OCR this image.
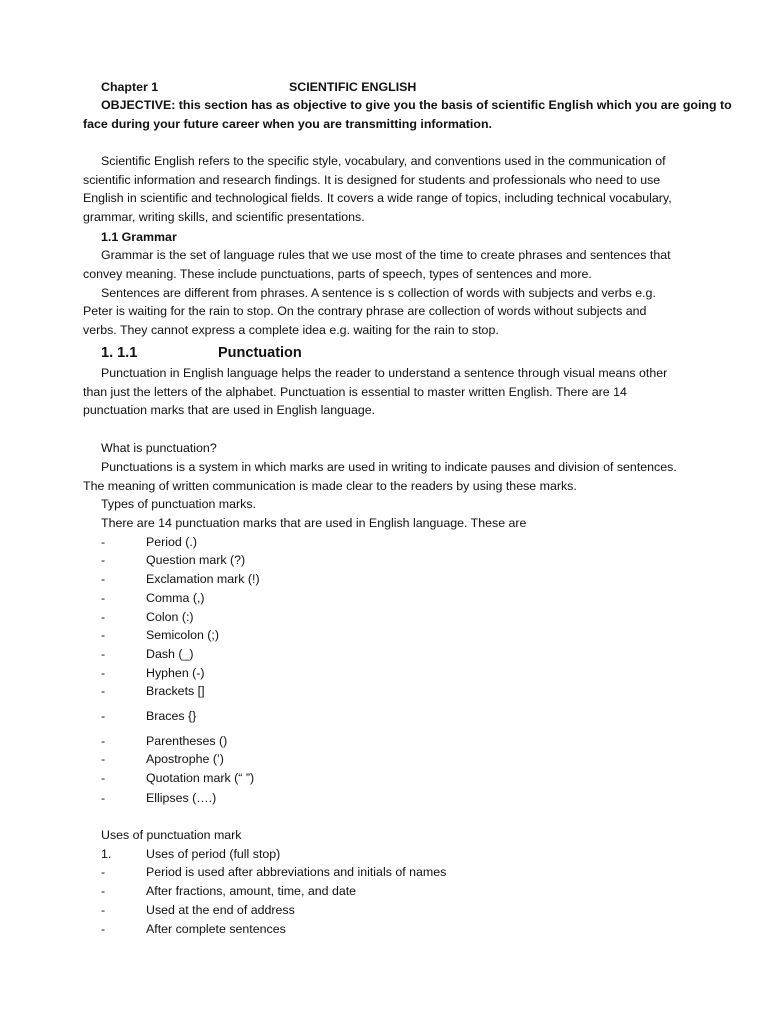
Chapter 1	SCIENTIFIC ENGLISH
OBJECTIVE: this section has as objective to give you the basis of scientific English which you are going to
face during your future career when you are transmitting information.
Scientific English refers to the specific style, vocabulary, and conventions used in the communication of
scientific information and research findings. It is designed for students and professionals who need to use
English in scientific and technological fields. It covers a wide range of topics, including technical vocabulary,
grammar, writing skills, and scientific presentations.
1.1 Grammar
Grammar is the set of language rules that we use most of the time to create phrases and sentences that
convey meaning. These include punctuations, parts of speech, types of sentences and more.
Sentences are different from phrases. A sentence is s collection of words with subjects and verbs e.g.
Peter is waiting for the rain to stop. On the contrary phrase are collection of words without subjects and
verbs. They cannot express a complete idea e.g. waiting for the rain to stop.
1. 1.1	Punctuation
Punctuation in English language helps the reader to understand a sentence through visual means other
than just the letters of the alphabet. Punctuation is essential to master written English. There are 14
punctuation marks that are used in English language.
What is punctuation?
Punctuations is a system in which marks are used in writing to indicate pauses and division of sentences.
The meaning of written communication is made clear to the readers by using these marks.
Types of punctuation marks.
There are 14 punctuation marks that are used in English language. These are
-	Period (.)
-	Question mark (?)
-	Exclamation mark (!)
-	Comma (,)
-	Colon (:)
-	Semicolon (;)
-	Dash (_)
-	Hyphen (-)
-	Brackets []
-	Braces {}
-	Parentheses ()
-	Apostrophe (’)
-	Quotation mark (“ ”)
-	Ellipses (….)
Uses of punctuation mark
1.	Uses of period (full stop)
-	Period is used after abbreviations and initials of names
-	After fractions, amount, time, and date
-	Used at the end of address
-	After complete sentences
